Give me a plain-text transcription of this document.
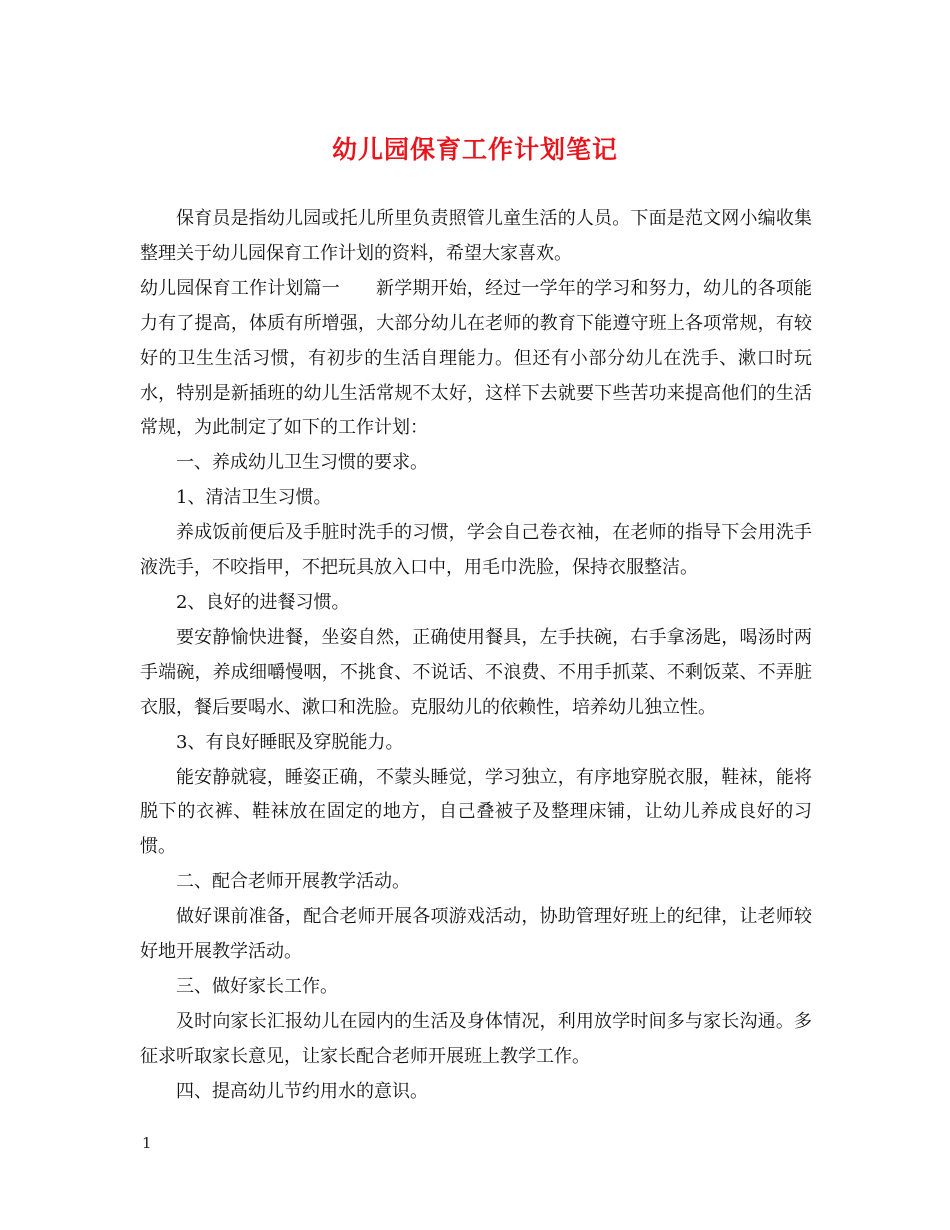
幼儿园保育工作计划笔记

保育员是指幼儿园或托儿所里负责照管儿童生活的人员。下面是范文网小编收集整理关于幼儿园保育工作计划的资料，希望大家喜欢。

幼儿园保育工作计划篇一 新学期开始，经过一学年的学习和努力，幼儿的各项能力有了提高，体质有所增强，大部分幼儿在老师的教育下能遵守班上各项常规，有较好的卫生生活习惯，有初步的生活自理能力。但还有小部分幼儿在洗手、漱口时玩水，特别是新插班的幼儿生活常规不太好，这样下去就要下些苦功来提高他们的生活常规，为此制定了如下的工作计划：

一、养成幼儿卫生习惯的要求。

1、清洁卫生习惯。

养成饭前便后及手脏时洗手的习惯，学会自己卷衣袖，在老师的指导下会用洗手液洗手，不咬指甲，不把玩具放入口中，用毛巾洗脸，保持衣服整洁。

2、良好的进餐习惯。

要安静愉快进餐，坐姿自然，正确使用餐具，左手扶碗，右手拿汤匙，喝汤时两手端碗，养成细嚼慢咽，不挑食、不说话、不浪费、不用手抓菜、不剩饭菜、不弄脏衣服，餐后要喝水、漱口和洗脸。克服幼儿的依赖性，培养幼儿独立性。

3、有良好睡眠及穿脱能力。

能安静就寝，睡姿正确，不蒙头睡觉，学习独立，有序地穿脱衣服，鞋袜，能将脱下的衣裤、鞋袜放在固定的地方，自己叠被子及整理床铺，让幼儿养成良好的习惯。

二、配合老师开展教学活动。

做好课前准备，配合老师开展各项游戏活动，协助管理好班上的纪律，让老师较好地开展教学活动。

三、做好家长工作。

及时向家长汇报幼儿在园内的生活及身体情况，利用放学时间多与家长沟通。多征求听取家长意见，让家长配合老师开展班上教学工作。

四、提高幼儿节约用水的意识。

1
